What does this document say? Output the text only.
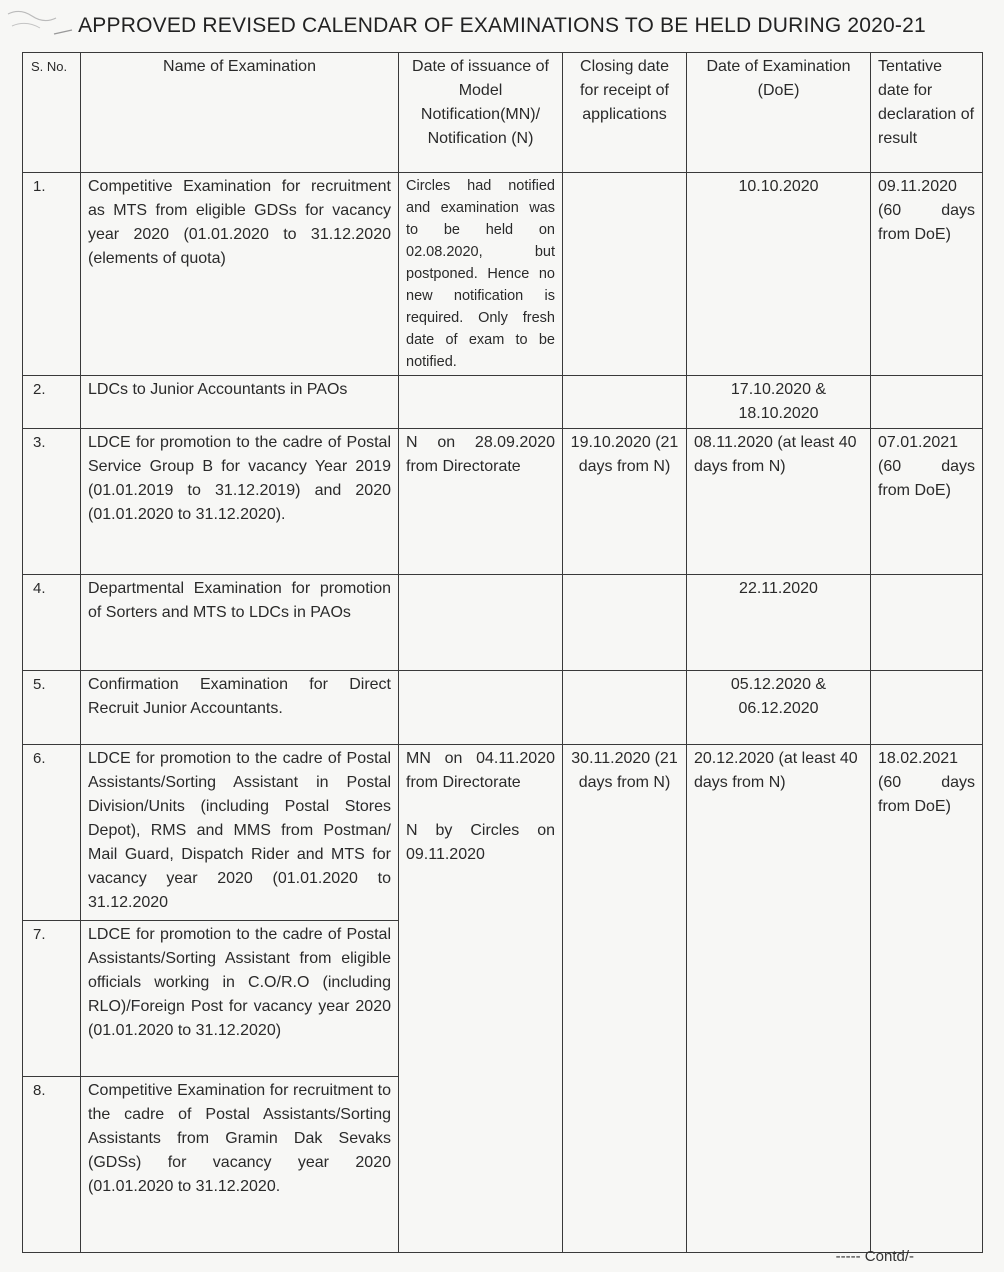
APPROVED REVISED CALENDAR OF EXAMINATIONS TO BE HELD DURING 2020-21
S. No.	Name of Examination	Date of issuance of Model Notification(MN)/ Notification (N)	Closing date for receipt of applications	Date of Examination (DoE)	Tentative date for declaration of result
1.	Competitive Examination for recruitment as MTS from eligible GDSs for vacancy year 2020 (01.01.2020 to 31.12.2020 (elements of quota)	Circles had notified and examination was to be held on 02.08.2020, but postponed. Hence no new notification is required. Only fresh date of exam to be notified.		10.10.2020	09.11.2020 (60 days from DoE)
2.	LDCs to Junior Accountants in PAOs			17.10.2020 & 18.10.2020	
3.	LDCE for promotion to the cadre of Postal Service Group B for vacancy Year 2019 (01.01.2019 to 31.12.2019) and 2020 (01.01.2020 to 31.12.2020).	N on 28.09.2020 from Directorate	19.10.2020 (21 days from N)	08.11.2020 (at least 40 days from N)	07.01.2021 (60 days from DoE)
4.	Departmental Examination for promotion of Sorters and MTS to LDCs in PAOs			22.11.2020	
5.	Confirmation Examination for Direct Recruit Junior Accountants.			05.12.2020 & 06.12.2020	
6.	LDCE for promotion to the cadre of Postal Assistants/Sorting Assistant in Postal Division/Units (including Postal Stores Depot), RMS and MMS from Postman/ Mail Guard, Dispatch Rider and MTS for vacancy year 2020 (01.01.2020 to 31.12.2020	MN on 04.11.2020 from Directorate
N by Circles on 09.11.2020	30.11.2020 (21 days from N)	20.12.2020 (at least 40 days from N)	18.02.2021 (60 days from DoE)
7.	LDCE for promotion to the cadre of Postal Assistants/Sorting Assistant from eligible officials working in C.O/R.O (including RLO)/Foreign Post for vacancy year 2020 (01.01.2020 to 31.12.2020)				
8.	Competitive Examination for recruitment to the cadre of Postal Assistants/Sorting Assistants from Gramin Dak Sevaks (GDSs) for vacancy year 2020 (01.01.2020 to 31.12.2020.				
----- Contd/-
